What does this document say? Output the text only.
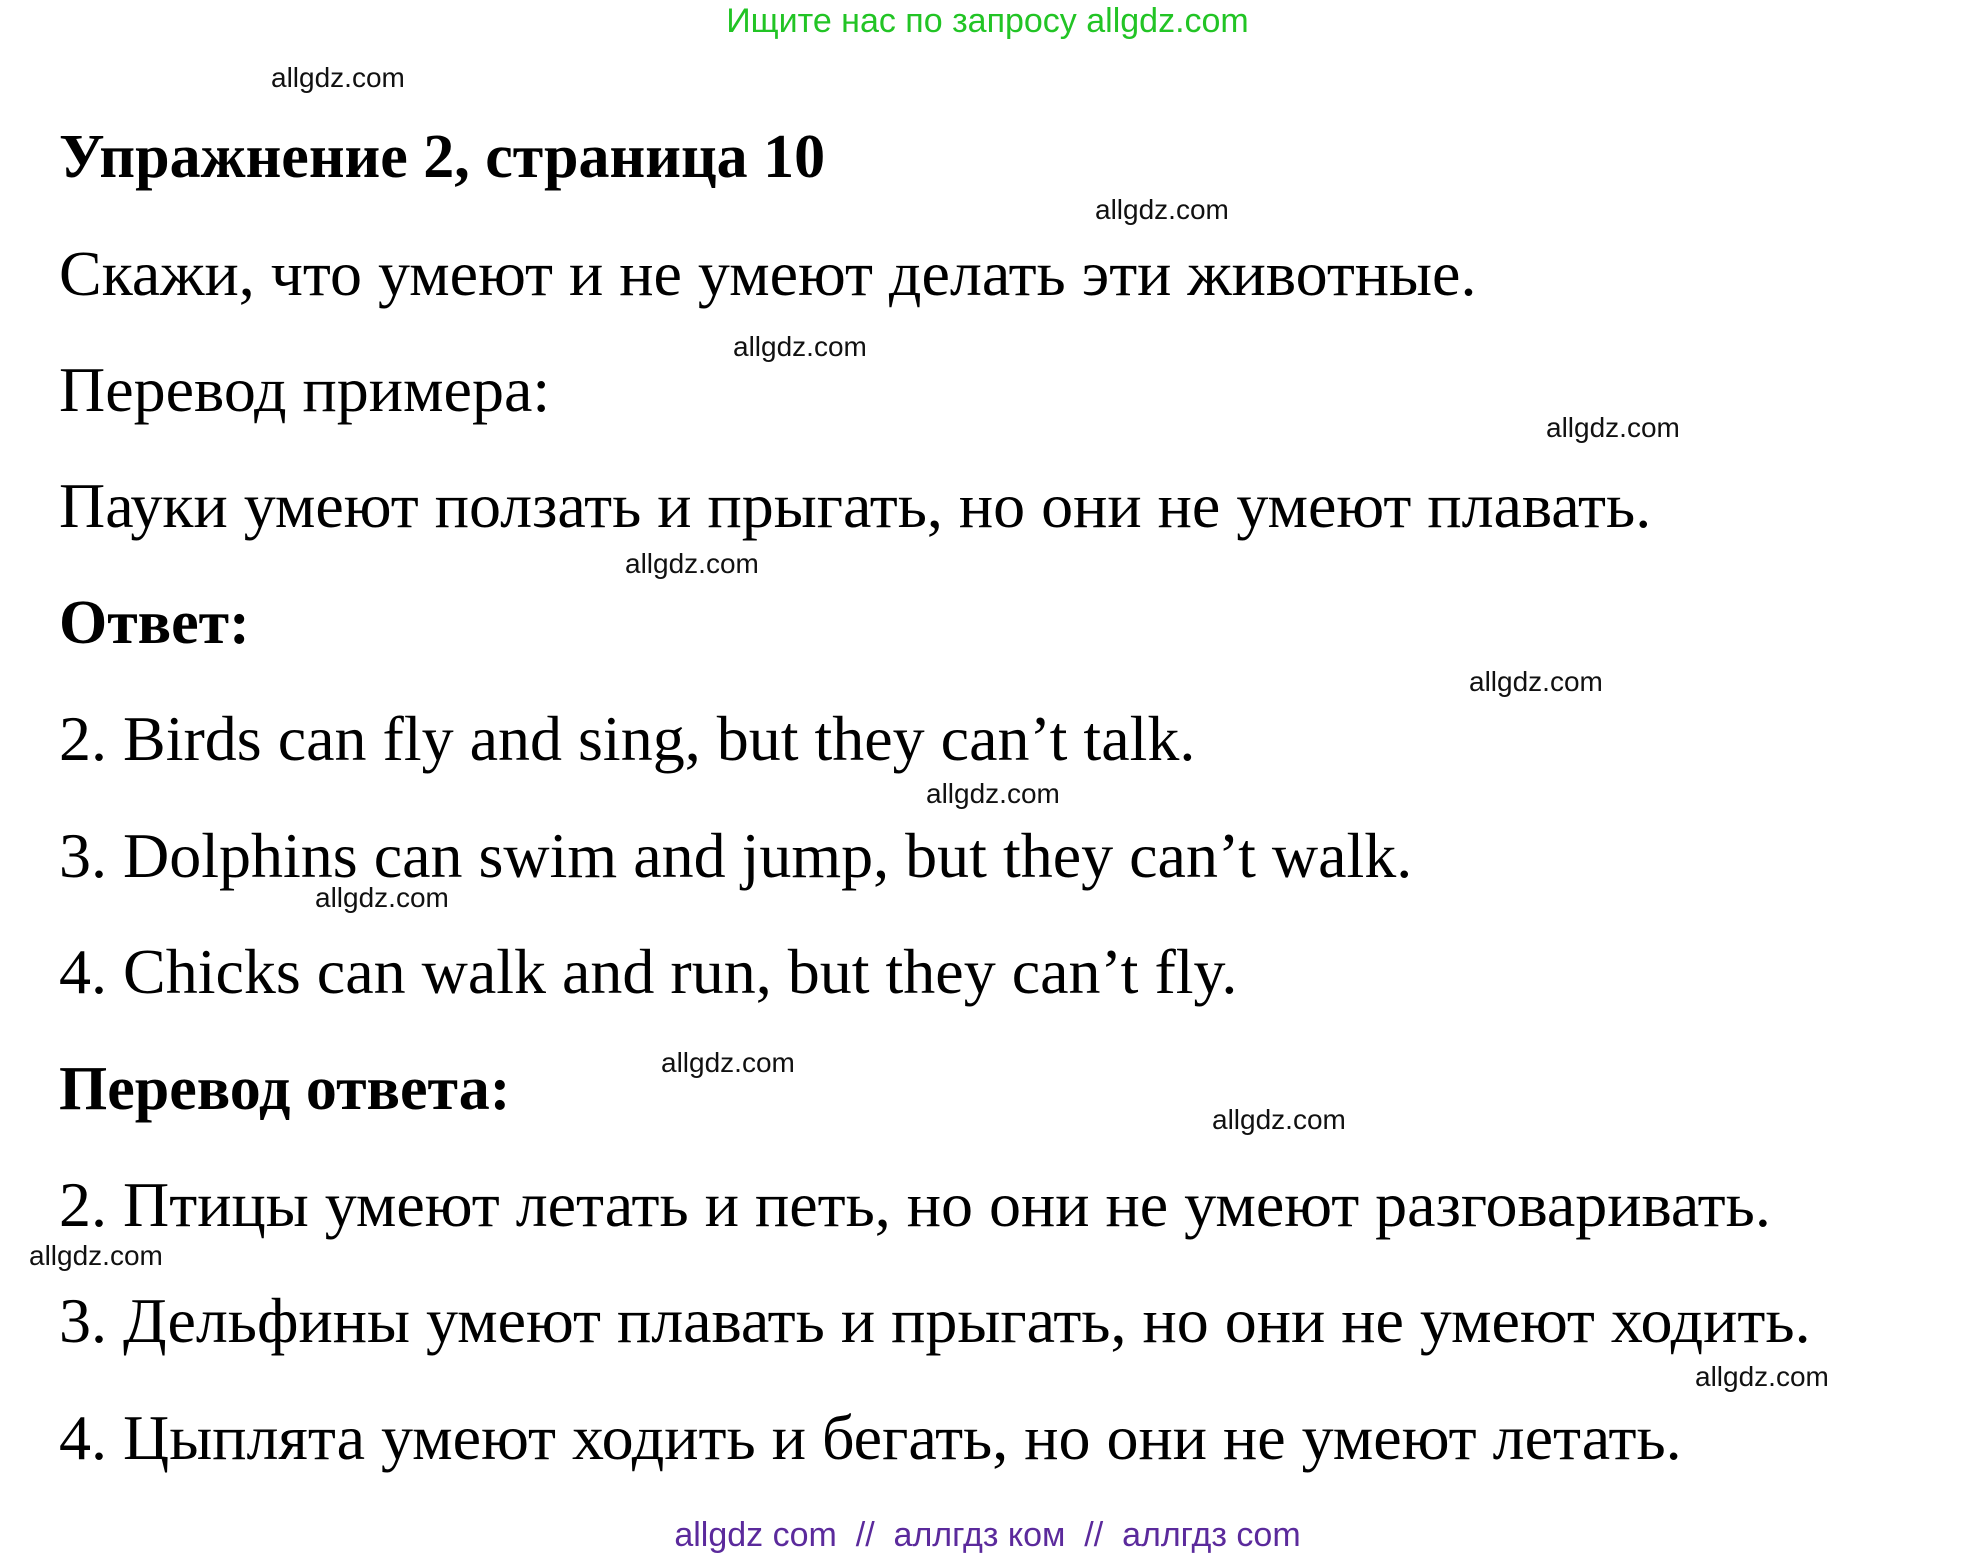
Ищите нас по запросу allgdz.com
Упражнение 2, страница 10
Скажи, что умеют и не умеют делать эти животные.
Перевод примера:
Пауки умеют ползать и прыгать, но они не умеют плавать.
Ответ:
2. Birds can fly and sing, but they can’t talk.
3. Dolphins can swim and jump, but they can’t walk.
4. Chicks can walk and run, but they can’t fly.
Перевод ответа:
2. Птицы умеют летать и петь, но они не умеют разговаривать.
3. Дельфины умеют плавать и прыгать, но они не умеют ходить.
4. Цыплята умеют ходить и бегать, но они не умеют летать.
allgdz.com
allgdz.com
allgdz.com
allgdz.com
allgdz.com
allgdz.com
allgdz.com
allgdz.com
allgdz.com
allgdz.com
allgdz.com
allgdz.com
allgdz com  //  аллгдз ком  //  аллгдз com
